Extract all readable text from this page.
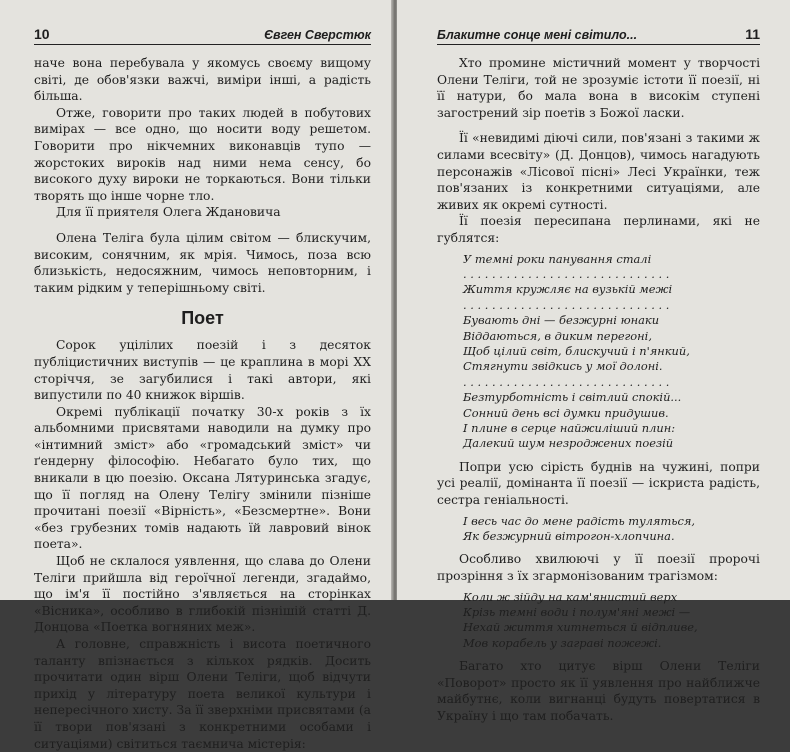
10	Євген Сверстюк

наче вона перебувала у якомусь своєму вищому світі, де обов'язки важчі, виміри інші, а радість більша.

Отже, говорити про таких людей в побутових вимірах — все одно, що носити воду решетом. Говорити про нікчемних виконавців тупо — жорстоких вироків над ними нема сенсу, бо високого духу вироки не торкаються. Вони тільки творять що інше чорне тло.

Для її приятеля Олега Ждановича

Олена Теліга була цілим світом — блискучим, високим, сонячним, як мрія. Чимось, поза всю близькість, недосяжним, чимось неповторним, і таким рідким у теперішньому світі.

Поет

Сорок уцілілих поезій і з десяток публіцистичних виступів — це краплина в морі XX сторіччя, зе загубилися і такі автори, які випустили по 40 книжок віршів.

Окремі публікації початку 30-х років з їх альбомними присвятами наводили на думку про «інтимний зміст» або «громадський зміст» чи ґендерну філософію. Небагато було тих, що вникали в цю поезію. Оксана Лятуринська згадує, що її погляд на Олену Телігу змінили пізніше прочитані поезії «Вірність», «Безсмертне». Вони «без грубезних томів надають їй лавровий вінок поета».

Щоб не склалося уявлення, що слава до Олени Теліги прийшла від героїчної легенди, згадаймо, що ім'я її постійно з'являється на сторінках «Вісника», особливо в глибокій пізнішій статті Д. Донцова «Поетка вогняних меж».

А головне, справжність і висота поетичного таланту впізнається з кількох рядків. Досить прочитати один вірш Олени Теліги, щоб відчути прихід у літературу поета великої культури і непересічного хисту. За її зверхніми присвятами (а її твори пов'язані з конкретними особами і ситуаціями) світиться таємнича містерія:

Блакитне сонце мені світило...	11

Хто промине містичний момент у творчості Олени Теліги, той не зрозуміє істоти її поезії, ні її натури, бо мала вона в високім ступені загострений зір поетів з Божої ласки.

Її «невидимі діючі сили, пов'язані з такими ж силами всесвіту» (Д. Донцов), чимось нагадують персонажів «Лісової пісні» Лесі Українки, теж пов'язаних із конкретними ситуаціями, але живих як окремі сутності.

Її поезія пересипана перлинами, які не гублятся:

У темні роки панування сталі
. . . . . . . . . . . . . . . . . . . . . . . . . . . . .
Життя кружляє на вузькій межі
. . . . . . . . . . . . . . . . . . . . . . . . . . . . .
Бувають дні — безжурні юнаки
Віддаються, в диким перегоні,
Щоб цілий світ, блискучий і п'янкий,
Стягнути звідкись у мої долоні.
. . . . . . . . . . . . . . . . . . . . . . . . . . . . .
Безтурботність і світлий спокій...
Сонний день всі думки придушив.
І плине в серце найжиліший плин:
Далекий шум незроджених поезій

Попри усю сірість буднів на чужині, попри усі реалії, домінанта її поезії — іскриста радість, сестра геніальності.

І весь час до мене радість туляться,
Як безжурний вітрогон-хлопчина.

Особливо хвилюючі у її поезії пророчі прозріння з їх згармонізованим трагізмом:

Коли ж зійду на кам'янистий верх
Крізь темні води і полум'яні межі —
Нехай життя хитнеться й відпливе,
Мов корабель у заграві пожежі.

Багато хто цитує вірш Олени Теліги «Поворот» просто як її уявлення про найближче майбутнє, коли вигнанці будуть повертатися в Україну і що там побачать.
